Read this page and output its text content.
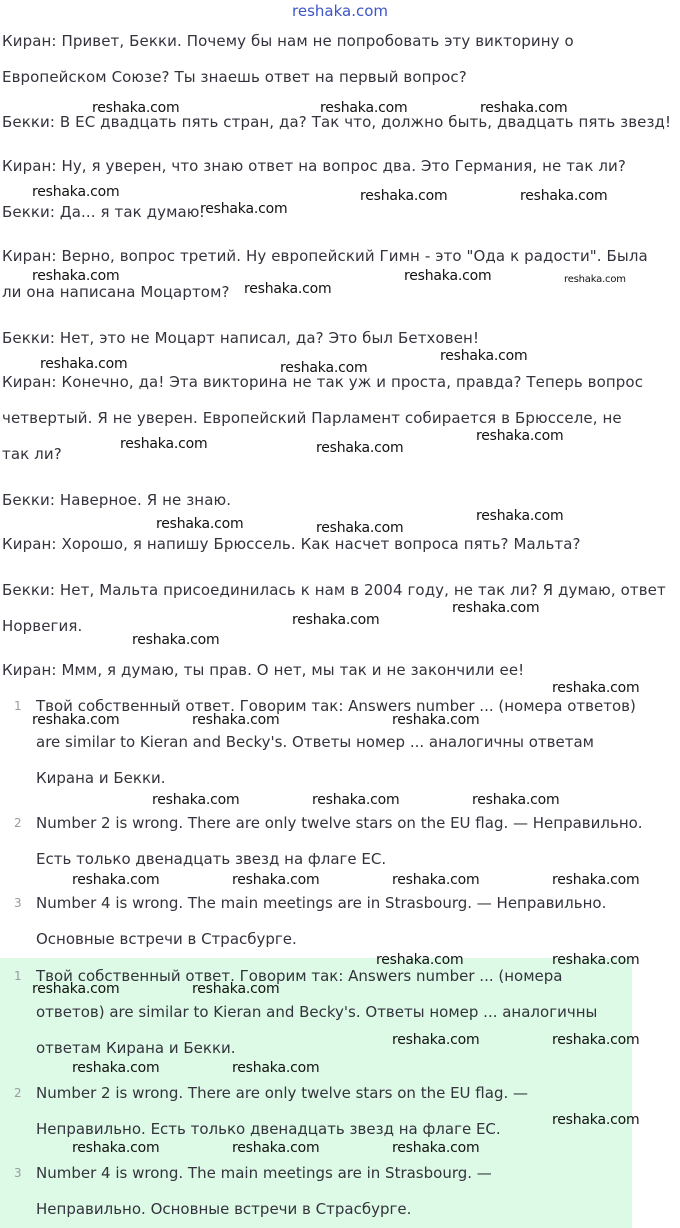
Киран: Привет, Бекки. Почему бы нам не попробовать эту викторину о
Европейском Союзе? Ты знаешь ответ на первый вопрос?
Бекки: В ЕС двадцать пять стран, да? Так что, должно быть, двадцать пять звезд!
Киран: Ну, я уверен, что знаю ответ на вопрос два. Это Германия, не так ли?
Бекки: Да... я так думаю.
Киран: Верно, вопрос третий. Ну европейский Гимн - это "Ода к радости". Была
ли она написана Моцартом?
Бекки: Нет, это не Моцарт написал, да? Это был Бетховен!
Киран: Конечно, да! Эта викторина не так уж и проста, правда? Теперь вопрос
четвертый. Я не уверен. Европейский Парламент собирается в Брюсселе, не
так ли?
Бекки: Наверное. Я не знаю.
Киран: Хорошо, я напишу Брюссель. Как насчет вопроса пять? Мальта?
Бекки: Нет, Мальта присоединилась к нам в 2004 году, не так ли? Я думаю, ответ
Норвегия.
Киран: Ммм, я думаю, ты прав. О нет, мы так и не закончили ее!
1 Твой собственный ответ. Говорим так: Answers number ... (номера ответов)
are similar to Kieran and Becky's. Ответы номер ... аналогичны ответам
Кирана и Бекки.
2 Number 2 is wrong. There are only twelve stars on the EU flag. — Неправильно.
Есть только двенадцать звезд на флаге ЕС.
3 Number 4 is wrong. The main meetings are in Strasbourg. — Неправильно.
Основные встречи в Страсбурге.
1 Твой собственный ответ. Говорим так: Answers number ... (номера
ответов) are similar to Kieran and Becky's. Ответы номер ... аналогичны
ответам Кирана и Бекки.
2 Number 2 is wrong. There are only twelve stars on the EU flag. —
Неправильно. Есть только двенадцать звезд на флаге ЕС.
3 Number 4 is wrong. The main meetings are in Strasbourg. —
Неправильно. Основные встречи в Страсбурге.
reshaka.com
reshaka.com	reshaka.com	reshaka.com
reshaka.com	reshaka.com	reshaka.com
reshaka.com
reshaka.com	reshaka.com	reshaka.com
reshaka.com
reshaka.com	reshaka.com
reshaka.com
reshaka.com	reshaka.com
reshaka.com
reshaka.com	reshaka.com
reshaka.com
reshaka.com
reshaka.com
reshaka.com
reshaka.com
reshaka.com	reshaka.com	reshaka.com
reshaka.com	reshaka.com	reshaka.com
reshaka.com	reshaka.com	reshaka.com	reshaka.com
reshaka.com	reshaka.com
reshaka.com	reshaka.com
reshaka.com	reshaka.com
reshaka.com	reshaka.com
reshaka.com
reshaka.com	reshaka.com	reshaka.com
